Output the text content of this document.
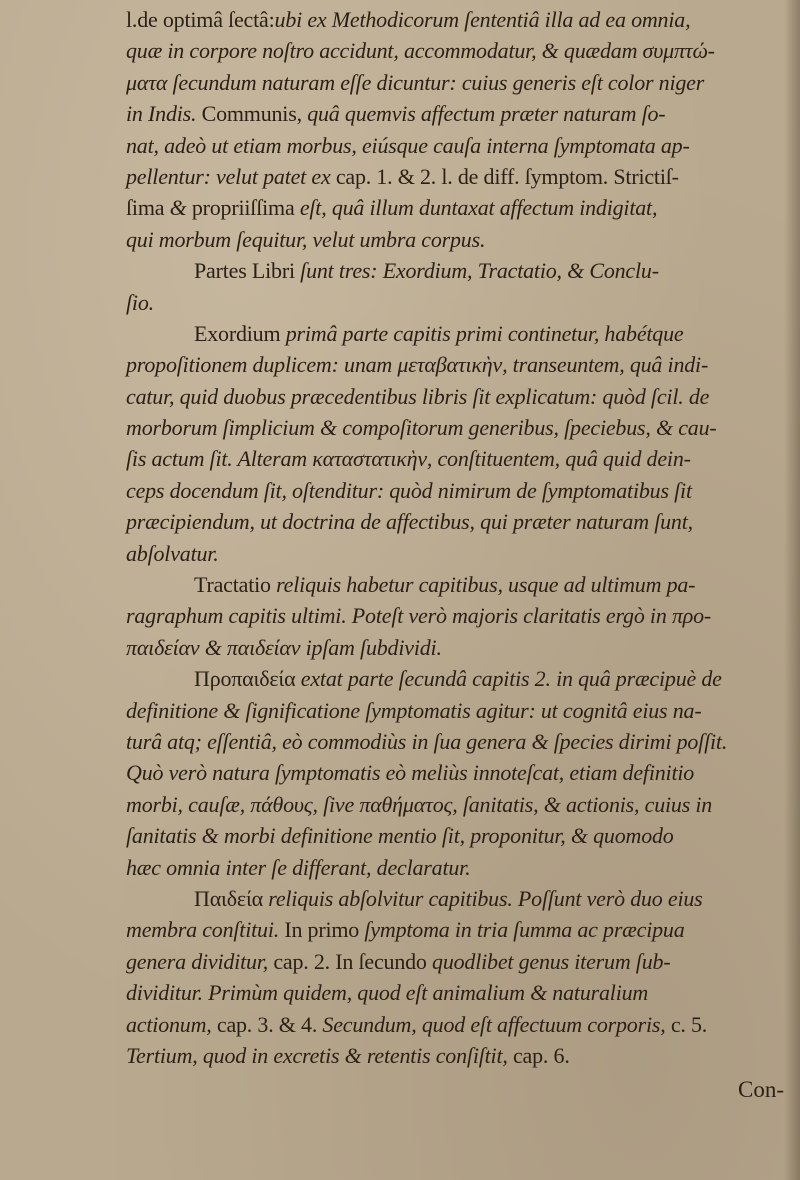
l.de optimâ ſectâ:ubi ex Methodicorum ſententiâ illa ad ea omnia,
quæ in corpore noſtro accidunt, accommodatur, & quædam συμπτώ-
ματα ſecundum naturam eſſe dicuntur: cuius generis eſt color niger
in Indis. Communis, quâ quemvis affectum præter naturam ſo-
nat, adeò ut etiam morbus, eiúsque cauſa interna ſymptomata ap-
pellentur: velut patet ex cap. 1. & 2. l. de diff. ſymptom. Strictiſ-
ſima & propriiſſima eſt, quâ illum duntaxat affectum indigitat,
qui morbum ſequitur, velut umbra corpus.
Partes Libri ſunt tres: Exordium, Tractatio, & Conclu-
ſio.
Exordium primâ parte capitis primi continetur, habétque
propoſitionem duplicem: unam μεταβατικὴν, transeuntem, quâ indi-
catur, quid duobus præcedentibus libris ſit explicatum: quòd ſcil. de
morborum ſimplicium & compoſitorum generibus, ſpeciebus, & cau-
ſis actum ſit. Alteram καταστατικὴν, conſtituentem, quâ quid dein-
ceps docendum ſit, oſtenditur: quòd nimirum de ſymptomatibus ſit
præcipiendum, ut doctrina de affectibus, qui præter naturam ſunt,
abſolvatur.
Tractatio reliquis habetur capitibus, usque ad ultimum pa-
ragraphum capitis ultimi. Poteſt verò majoris claritatis ergò in προ-
παιδείαν & παιδείαν ipſam ſubdividi.
Προπαιδεία extat parte ſecundâ capitis 2. in quâ præcipuè de
definitione & ſignificatione ſymptomatis agitur: ut cognitâ eius na-
turâ atq; eſſentiâ, eò commodiùs in ſua genera & ſpecies dirimi poſſit.
Quò verò natura ſymptomatis eò meliùs innoteſcat, etiam definitio
morbi, cauſæ, πάθους, ſive παθήματος, ſanitatis, & actionis, cuius in
ſanitatis & morbi definitione mentio ſit, proponitur, & quomodo
hæc omnia inter ſe differant, declaratur.
Παιδεία reliquis abſolvitur capitibus. Poſſunt verò duo eius
membra conſtitui. In primo ſymptoma in tria ſumma ac præcipua
genera dividitur, cap. 2. In ſecundo quodlibet genus iterum ſub-
dividitur. Primùm quidem, quod eſt animalium & naturalium
actionum, cap. 3. & 4. Secundum, quod eſt affectuum corporis, c. 5.
Tertium, quod in excretis & retentis conſiſtit, cap. 6.
Con-
